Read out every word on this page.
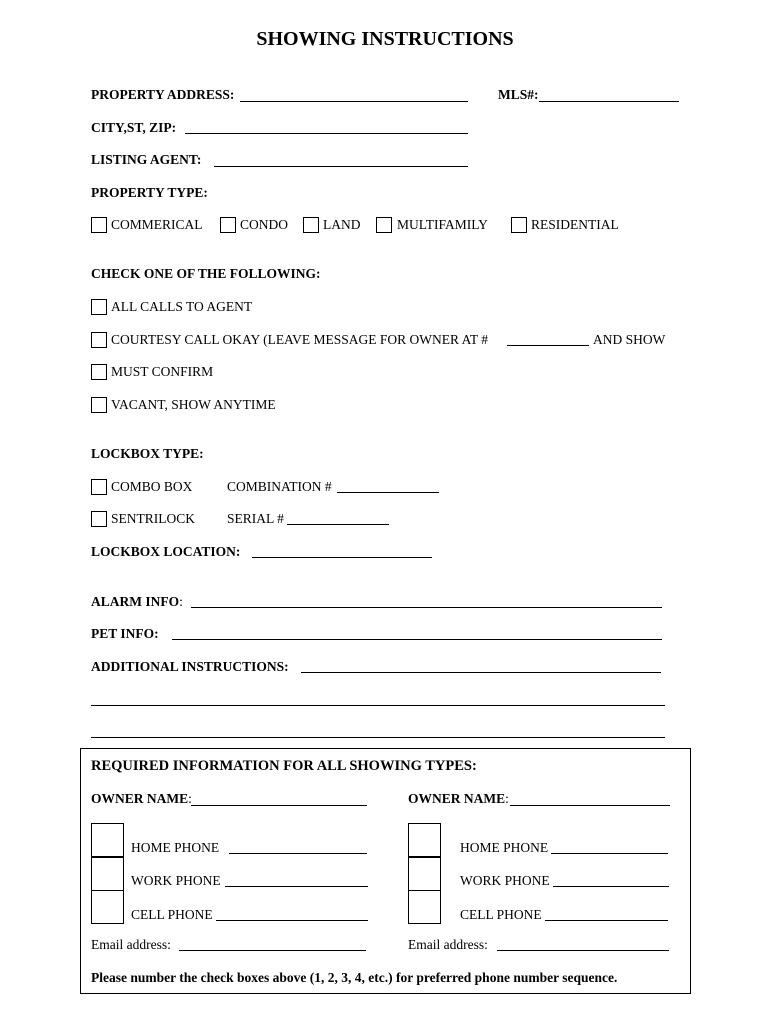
SHOWING INSTRUCTIONS
PROPERTY ADDRESS:	MLS#:
CITY,ST, ZIP:
LISTING AGENT:
PROPERTY TYPE:
COMMERICAL	CONDO	LAND	MULTIFAMILY	RESIDENTIAL
CHECK ONE OF THE FOLLOWING:
ALL CALLS TO AGENT
COURTESY CALL OKAY (LEAVE MESSAGE FOR OWNER AT #	AND SHOW
MUST CONFIRM
VACANT, SHOW ANYTIME
LOCKBOX TYPE:
COMBO BOX	COMBINATION #
SENTRILOCK SERIAL #
LOCKBOX LOCATION:
ALARM INFO:
PET INFO:
ADDITIONAL INSTRUCTIONS:
REQUIRED INFORMATION FOR ALL SHOWING TYPES:
OWNER NAME:
HOME PHONE
WORK PHONE
CELL PHONE
Email address:
OWNER NAME:
HOME PHONE
WORK PHONE
CELL PHONE
Email address:
Please number the check boxes above (1, 2, 3, 4, etc.) for preferred phone number sequence.
